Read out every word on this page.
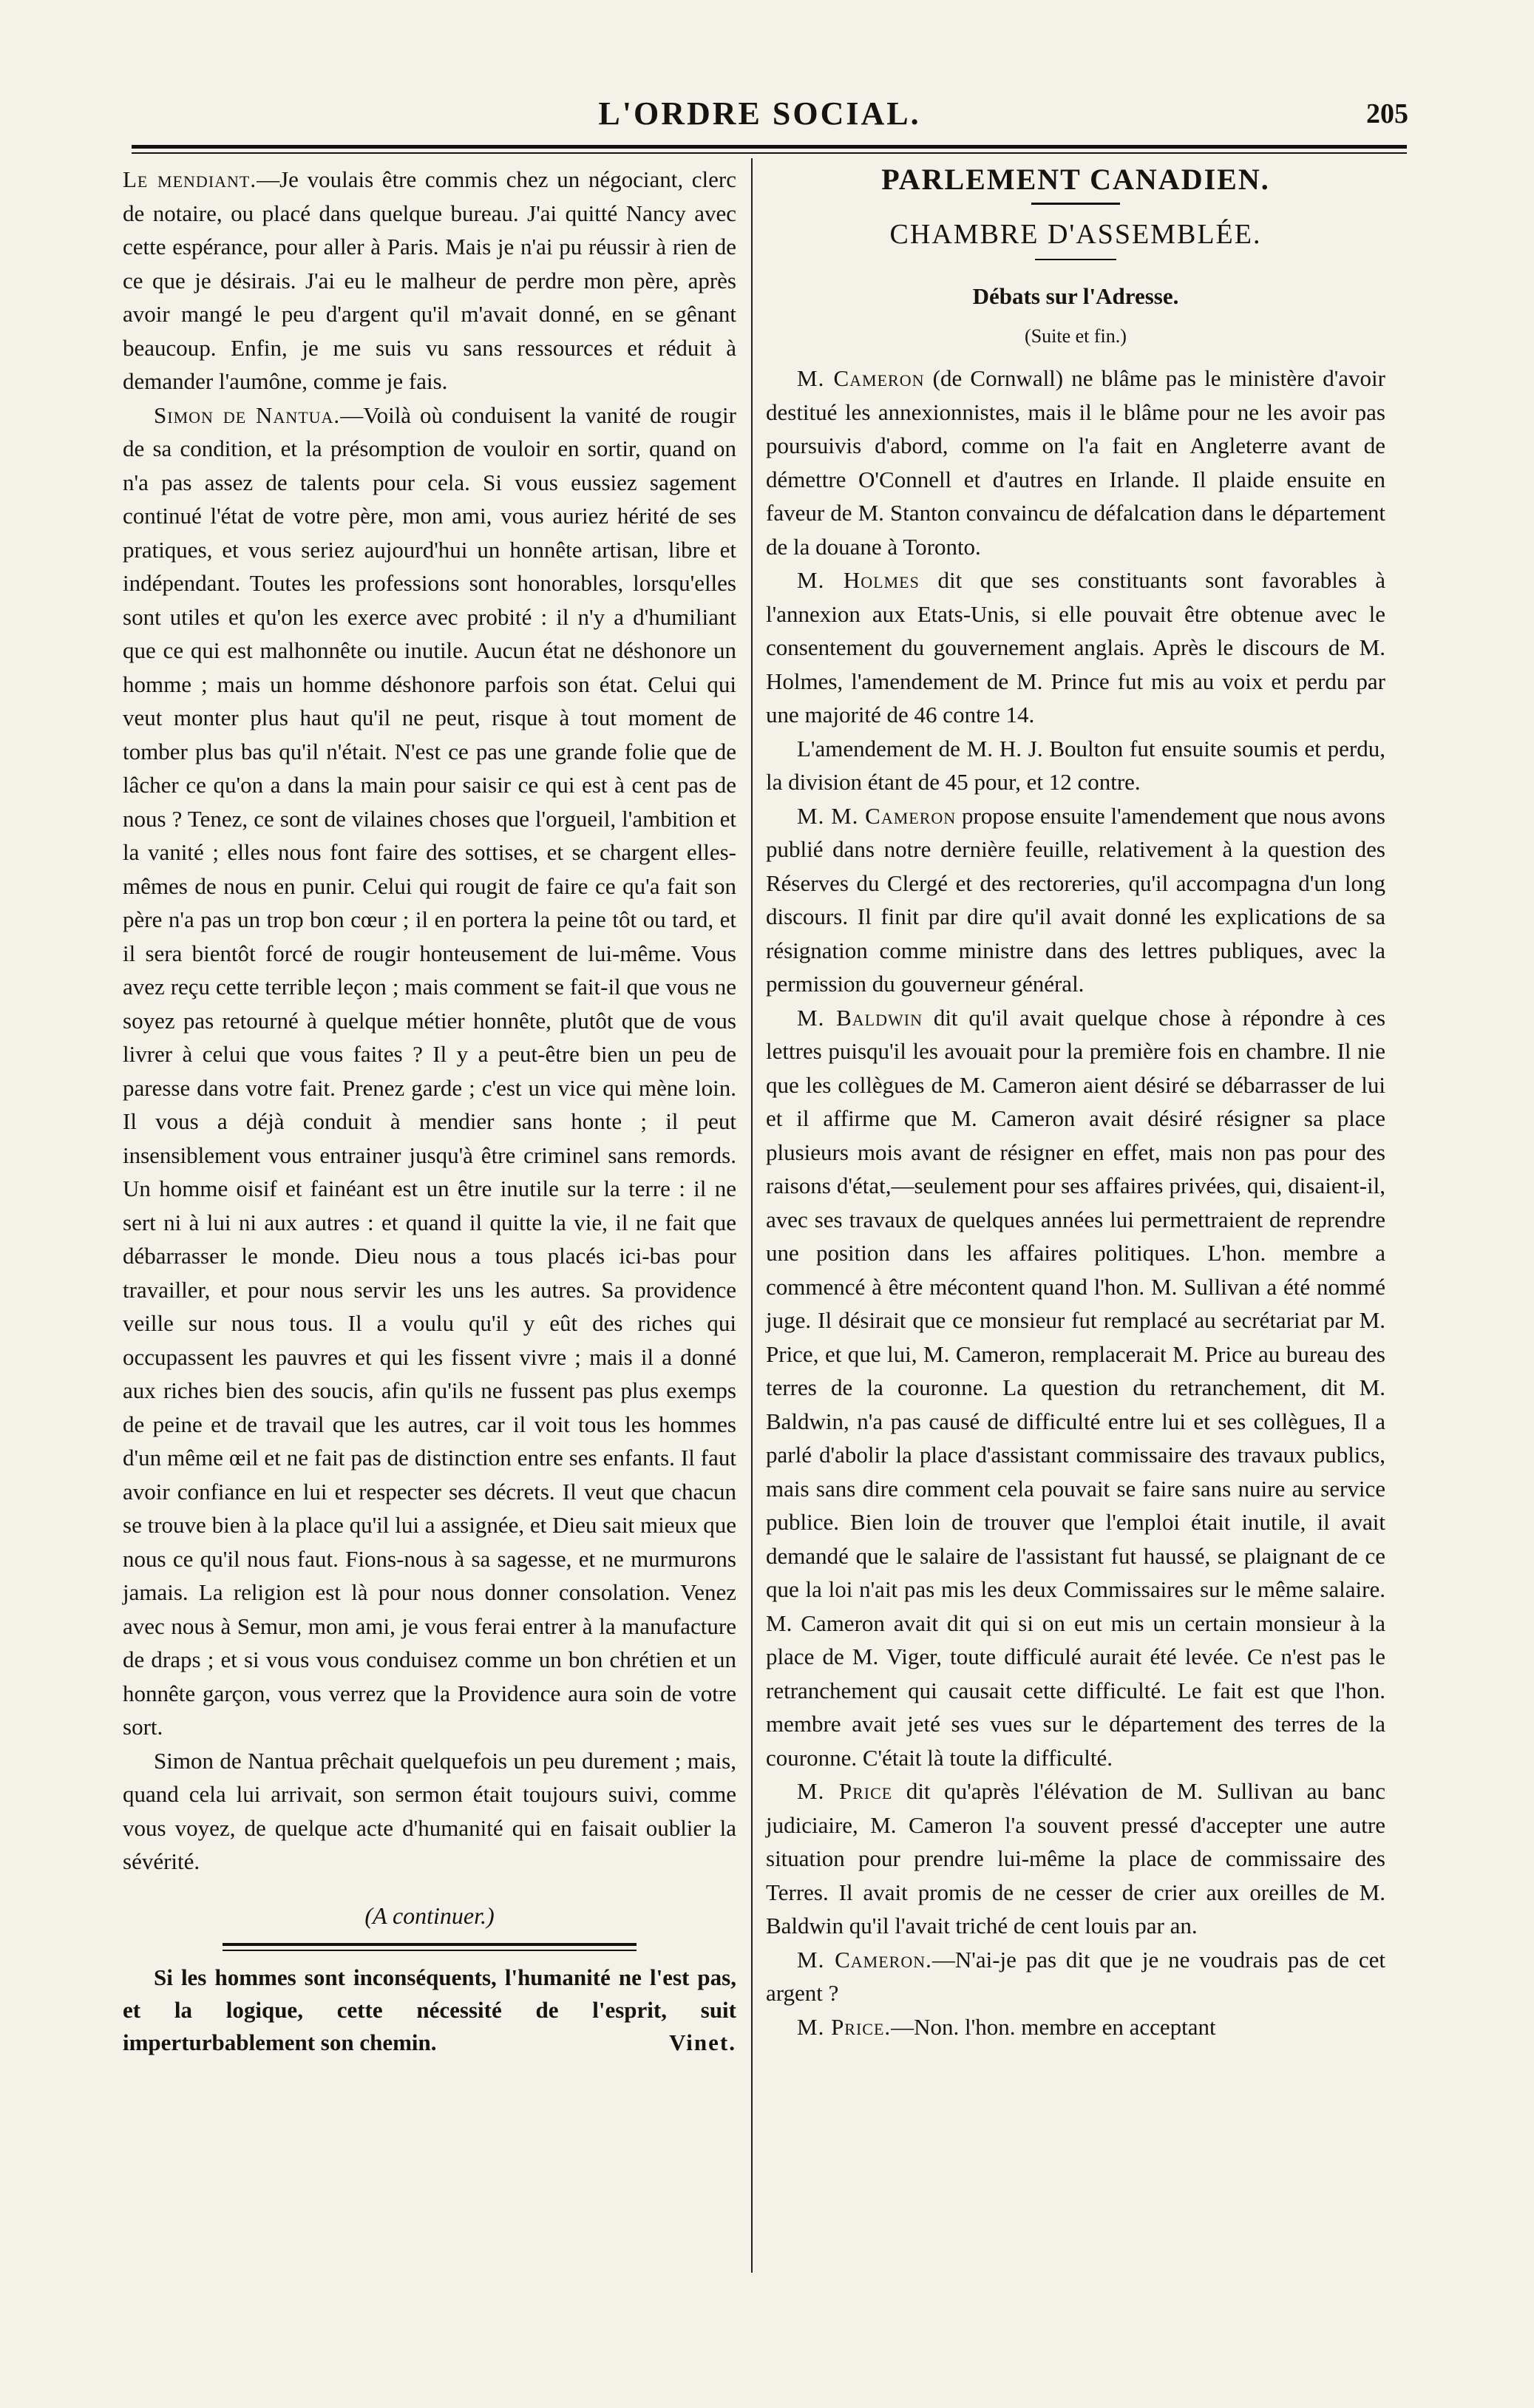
L'ORDRE SOCIAL.	205

Le mendiant.—Je voulais être commis chez un négociant, clerc de notaire, ou placé dans quelque bureau. J'ai quitté Nancy avec cette espérance, pour aller à Paris. Mais je n'ai pu réussir à rien de ce que je désirais. J'ai eu le malheur de perdre mon père, après avoir mangé le peu d'argent qu'il m'avait donné, en se gênant beaucoup. Enfin, je me suis vu sans ressources et réduit à demander l'aumône, comme je fais.

Simon de Nantua.—Voilà où conduisent la vanité de rougir de sa condition, et la présomption de vouloir en sortir, quand on n'a pas assez de talents pour cela. Si vous eussiez sagement continué l'état de votre père, mon ami, vous auriez hérité de ses pratiques, et vous seriez aujourd'hui un honnête artisan, libre et indépendant. Toutes les professions sont honorables, lorsqu'elles sont utiles et qu'on les exerce avec probité : il n'y a d'humiliant que ce qui est malhonnête ou inutile. Aucun état ne déshonore un homme ; mais un homme déshonore parfois son état. Celui qui veut monter plus haut qu'il ne peut, risque à tout moment de tomber plus bas qu'il n'était. N'est ce pas une grande folie que de lâcher ce qu'on a dans la main pour saisir ce qui est à cent pas de nous ? Tenez, ce sont de vilaines choses que l'orgueil, l'ambition et la vanité ; elles nous font faire des sottises, et se chargent elles-mêmes de nous en punir. Celui qui rougit de faire ce qu'a fait son père n'a pas un trop bon cœur ; il en portera la peine tôt ou tard, et il sera bientôt forcé de rougir honteusement de lui-même. Vous avez reçu cette terrible leçon ; mais comment se fait-il que vous ne soyez pas retourné à quelque métier honnête, plutôt que de vous livrer à celui que vous faites ? Il y a peut-être bien un peu de paresse dans votre fait. Prenez garde ; c'est un vice qui mène loin. Il vous a déjà conduit à mendier sans honte ; il peut insensiblement vous entrainer jusqu'à être criminel sans remords. Un homme oisif et fainéant est un être inutile sur la terre : il ne sert ni à lui ni aux autres : et quand il quitte la vie, il ne fait que débarrasser le monde. Dieu nous a tous placés ici-bas pour travailler, et pour nous servir les uns les autres. Sa providence veille sur nous tous. Il a voulu qu'il y eût des riches qui occupassent les pauvres et qui les fissent vivre ; mais il a donné aux riches bien des soucis, afin qu'ils ne fussent pas plus exemps de peine et de travail que les autres, car il voit tous les hommes d'un même œil et ne fait pas de distinction entre ses enfants. Il faut avoir confiance en lui et respecter ses décrets. Il veut que chacun se trouve bien à la place qu'il lui a assignée, et Dieu sait mieux que nous ce qu'il nous faut. Fions-nous à sa sagesse, et ne murmurons jamais. La religion est là pour nous donner consolation. Venez avec nous à Semur, mon ami, je vous ferai entrer à la manufacture de draps ; et si vous vous conduisez comme un bon chrétien et un honnête garçon, vous verrez que la Providence aura soin de votre sort.

Simon de Nantua prêchait quelquefois un peu durement ; mais, quand cela lui arrivait, son sermon était toujours suivi, comme vous voyez, de quelque acte d'humanité qui en faisait oublier la sévérité.

(A continuer.)

Si les hommes sont inconséquents, l'humanité ne l'est pas, et la logique, cette nécessité de l'esprit, suit imperturbablement son chemin.	Vinet.

PARLEMENT CANADIEN.
CHAMBRE D'ASSEMBLÉE.
Débats sur l'Adresse.
(Suite et fin.)

M. Cameron (de Cornwall) ne blâme pas le ministère d'avoir destitué les annexionnistes, mais il le blâme pour ne les avoir pas poursuivis d'abord, comme on l'a fait en Angleterre avant de démettre O'Connell et d'autres en Irlande. Il plaide ensuite en faveur de M. Stanton convaincu de défalcation dans le département de la douane à Toronto.

M. Holmes dit que ses constituants sont favorables à l'annexion aux Etats-Unis, si elle pouvait être obtenue avec le consentement du gouvernement anglais. Après le discours de M. Holmes, l'amendement de M. Prince fut mis au voix et perdu par une majorité de 46 contre 14.

L'amendement de M. H. J. Boulton fut ensuite soumis et perdu, la division étant de 45 pour, et 12 contre.

M. M. Cameron propose ensuite l'amendement que nous avons publié dans notre dernière feuille, relativement à la question des Réserves du Clergé et des rectoreries, qu'il accompagna d'un long discours. Il finit par dire qu'il avait donné les explications de sa résignation comme ministre dans des lettres publiques, avec la permission du gouverneur général.

M. Baldwin dit qu'il avait quelque chose à répondre à ces lettres puisqu'il les avouait pour la première fois en chambre. Il nie que les collègues de M. Cameron aient désiré se débarrasser de lui et il affirme que M. Cameron avait désiré résigner sa place plusieurs mois avant de résigner en effet, mais non pas pour des raisons d'état,—seulement pour ses affaires privées, qui, disaient-il, avec ses travaux de quelques années lui permettraient de reprendre une position dans les affaires politiques. L'hon. membre a commencé à être mécontent quand l'hon. M. Sullivan a été nommé juge. Il désirait que ce monsieur fut remplacé au secrétariat par M. Price, et que lui, M. Cameron, remplacerait M. Price au bureau des terres de la couronne. La question du retranchement, dit M. Baldwin, n'a pas causé de difficulté entre lui et ses collègues, Il a parlé d'abolir la place d'assistant commissaire des travaux publics, mais sans dire comment cela pouvait se faire sans nuire au service publice. Bien loin de trouver que l'emploi était inutile, il avait demandé que le salaire de l'assistant fut haussé, se plaignant de ce que la loi n'ait pas mis les deux Commissaires sur le même salaire. M. Cameron avait dit qui si on eut mis un certain monsieur à la place de M. Viger, toute difficulé aurait été levée. Ce n'est pas le retranchement qui causait cette difficulté. Le fait est que l'hon. membre avait jeté ses vues sur le département des terres de la couronne. C'était là toute la difficulté.

M. Price dit qu'après l'élévation de M. Sullivan au banc judiciaire, M. Cameron l'a souvent pressé d'accepter une autre situation pour prendre lui-même la place de commissaire des Terres. Il avait promis de ne cesser de crier aux oreilles de M. Baldwin qu'il l'avait triché de cent louis par an.

M. Cameron.—N'ai-je pas dit que je ne voudrais pas de cet argent ?

M. Price.—Non. l'hon. membre en acceptant
